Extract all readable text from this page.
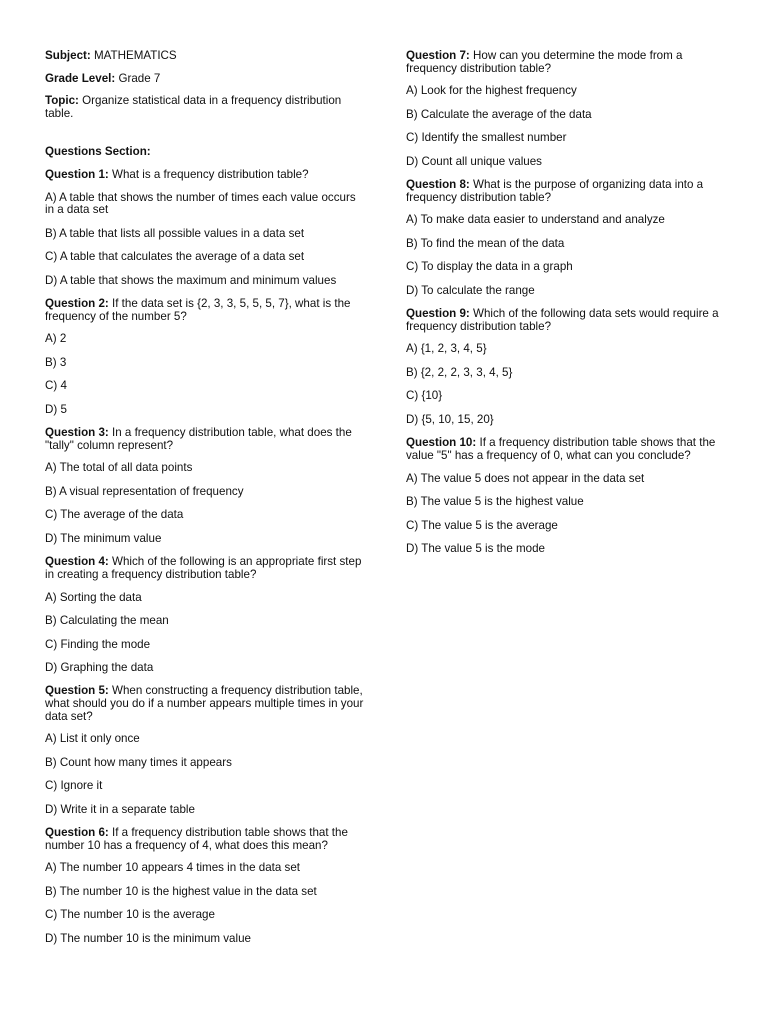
Subject: MATHEMATICS

Grade Level: Grade 7

Topic: Organize statistical data in a frequency distribution table.

Questions Section:

Question 1: What is a frequency distribution table?

A) A table that shows the number of times each value occurs in a data set

B) A table that lists all possible values in a data set

C) A table that calculates the average of a data set

D) A table that shows the maximum and minimum values

Question 2: If the data set is {2, 3, 3, 5, 5, 5, 7}, what is the frequency of the number 5?

A) 2

B) 3

C) 4

D) 5

Question 3: In a frequency distribution table, what does the "tally" column represent?

A) The total of all data points

B) A visual representation of frequency

C) The average of the data

D) The minimum value

Question 4: Which of the following is an appropriate first step in creating a frequency distribution table?

A) Sorting the data

B) Calculating the mean

C) Finding the mode

D) Graphing the data

Question 5: When constructing a frequency distribution table, what should you do if a number appears multiple times in your data set?

A) List it only once

B) Count how many times it appears

C) Ignore it

D) Write it in a separate table

Question 6: If a frequency distribution table shows that the number 10 has a frequency of 4, what does this mean?

A) The number 10 appears 4 times in the data set

B) The number 10 is the highest value in the data set

C) The number 10 is the average

D) The number 10 is the minimum value

Question 7: How can you determine the mode from a frequency distribution table?

A) Look for the highest frequency

B) Calculate the average of the data

C) Identify the smallest number

D) Count all unique values

Question 8: What is the purpose of organizing data into a frequency distribution table?

A) To make data easier to understand and analyze

B) To find the mean of the data

C) To display the data in a graph

D) To calculate the range

Question 9: Which of the following data sets would require a frequency distribution table?

A) {1, 2, 3, 4, 5}

B) {2, 2, 2, 3, 3, 4, 5}

C) {10}

D) {5, 10, 15, 20}

Question 10: If a frequency distribution table shows that the value "5" has a frequency of 0, what can you conclude?

A) The value 5 does not appear in the data set

B) The value 5 is the highest value

C) The value 5 is the average

D) The value 5 is the mode
